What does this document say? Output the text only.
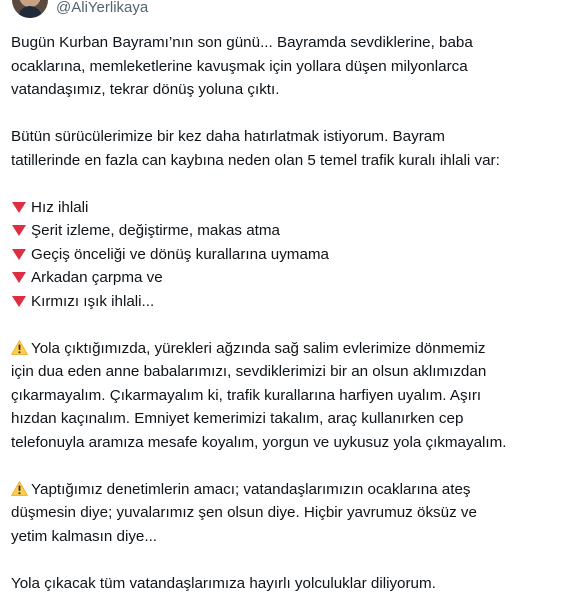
@AliYerlikaya
Bugün Kurban Bayramı’nın son günü... Bayramda sevdiklerine, baba
ocaklarına, memleketlerine kavuşmak için yollara düşen milyonlarca
vatandaşımız, tekrar dönüş yoluna çıktı.
Bütün sürücülerimize bir kez daha hatırlatmak istiyorum. Bayram
tatillerinde en fazla can kaybına neden olan 5 temel trafik kuralı ihlali var:
Hız ihlali
Şerit izleme, değiştirme, makas atma
Geçiş önceliği ve dönüş kurallarına uymama
Arkadan çarpma ve
Kırmızı ışık ihlali...
Yola çıktığımızda, yürekleri ağzında sağ salim evlerimize dönmemiz
için dua eden anne babalarımızı, sevdiklerimizi bir an olsun aklımızdan
çıkarmayalım. Çıkarmayalım ki, trafik kurallarına harfiyen uyalım. Aşırı
hızdan kaçınalım. Emniyet kemerimizi takalım, araç kullanırken cep
telefonuyla aramıza mesafe koyalım, yorgun ve uykusuz yola çıkmayalım.
Yaptığımız denetimlerin amacı; vatandaşlarımızın ocaklarına ateş
düşmesin diye; yuvalarımız şen olsun diye. Hiçbir yavrumuz öksüz ve
yetim kalmasın diye...
Yola çıkacak tüm vatandaşlarımıza hayırlı yolculuklar diliyorum.
